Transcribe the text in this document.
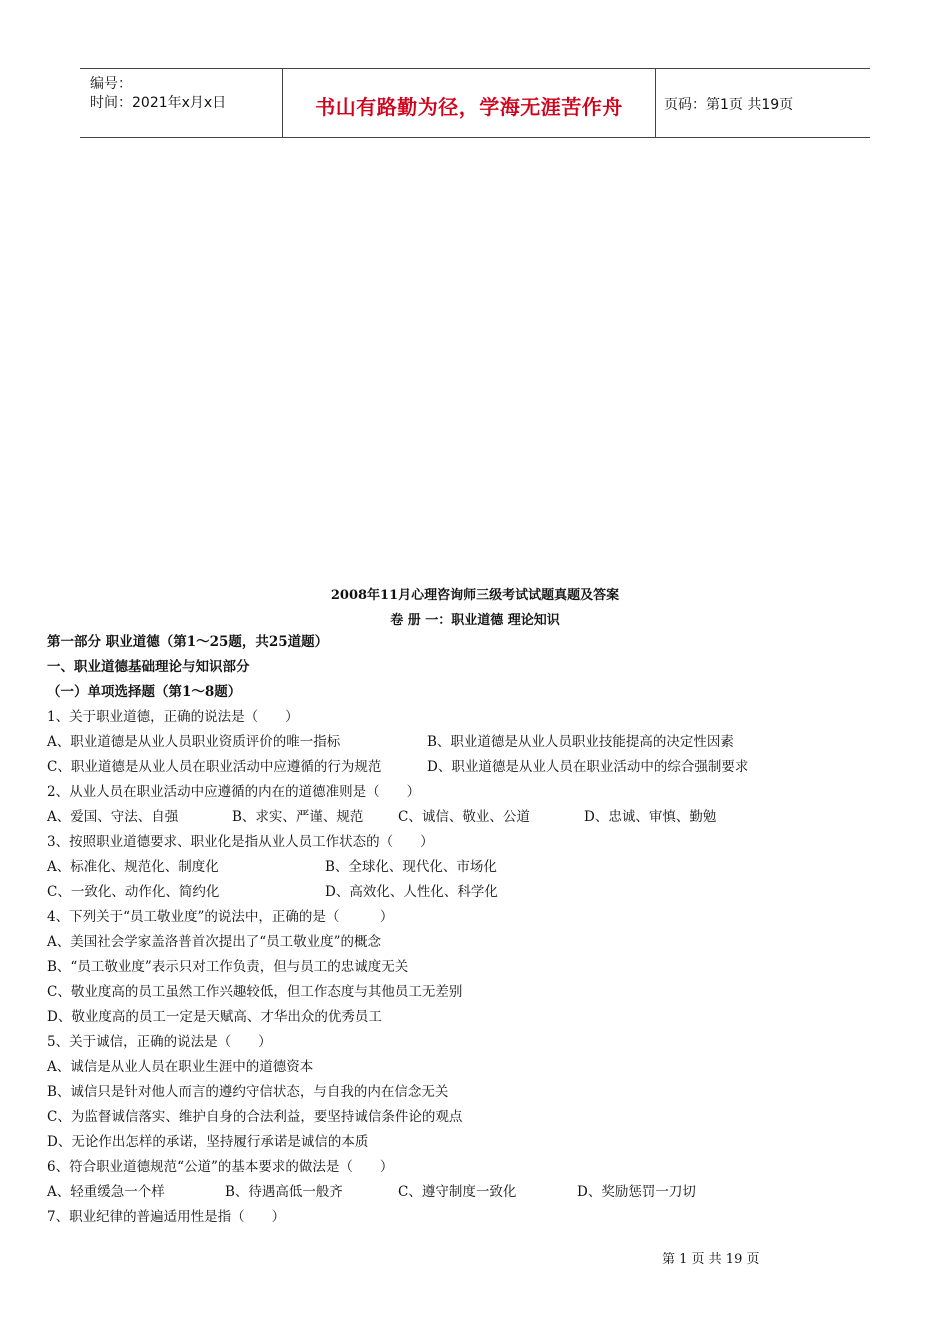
编号：
时间：2021年x月x日	书山有路勤为径，学海无涯苦作舟	页码：第1页 共19页
2008年11月心理咨询师三级考试试题真题及答案
卷 册 一：职业道德 理论知识
第一部分 职业道德（第1～25题，共25道题）
一、职业道德基础理论与知识部分
（一）单项选择题（第1～8题）
1、关于职业道德，正确的说法是（　　）
A、职业道德是从业人员职业资质评价的唯一指标	B、职业道德是从业人员职业技能提高的决定性因素
C、职业道德是从业人员在职业活动中应遵循的行为规范	D、职业道德是从业人员在职业活动中的综合强制要求
2、从业人员在职业活动中应遵循的内在的道德准则是（　　）
A、爱国、守法、自强	B、求实、严谨、规范	C、诚信、敬业、公道	D、忠诚、审慎、勤勉
3、按照职业道德要求、职业化是指从业人员工作状态的（　　）
A、标准化、规范化、制度化	B、全球化、现代化、市场化
C、一致化、动作化、简约化	D、高效化、人性化、科学化
4、下列关于“员工敬业度”的说法中，正确的是（　　　）
A、美国社会学家盖洛普首次提出了“员工敬业度”的概念
B、“员工敬业度”表示只对工作负责，但与员工的忠诚度无关
C、敬业度高的员工虽然工作兴趣较低，但工作态度与其他员工无差别
D、敬业度高的员工一定是天赋高、才华出众的优秀员工
5、关于诚信，正确的说法是（　　）
A、诚信是从业人员在职业生涯中的道德资本
B、诚信只是针对他人而言的遵约守信状态，与自我的内在信念无关
C、为监督诚信落实、维护自身的合法利益，要坚持诚信条件论的观点
D、无论作出怎样的承诺，坚持履行承诺是诚信的本质
6、符合职业道德规范“公道”的基本要求的做法是（　　）
A、轻重缓急一个样	B、待遇高低一般齐	C、遵守制度一致化	D、奖励惩罚一刀切
7、职业纪律的普遍适用性是指（　　）
第 1 页 共 19 页
